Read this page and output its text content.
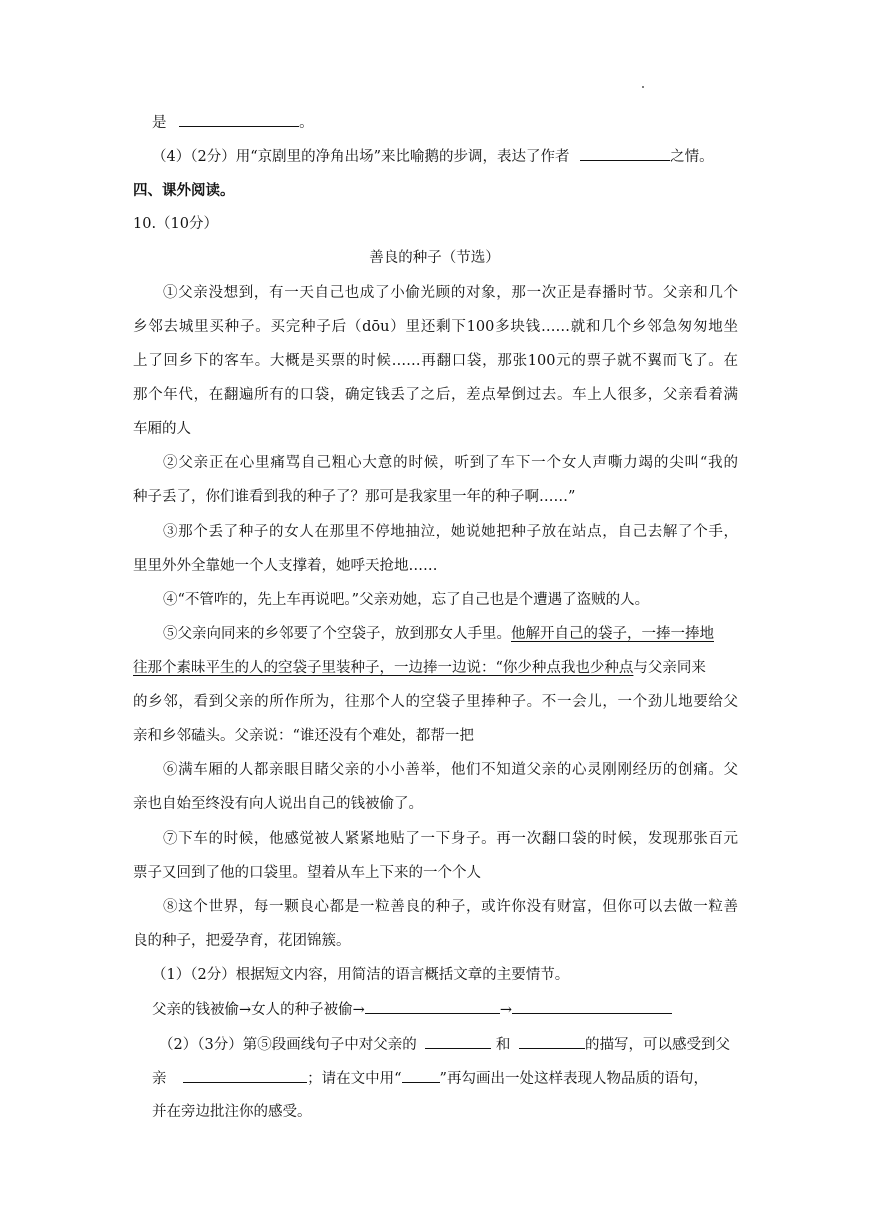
是	。
（4）（2分）用“京剧里的净角出场”来比喻鹅的步调，表达了作者	之情。
四、课外阅读。
10.（10分）
善良的种子（节选）
①父亲没想到，有一天自己也成了小偷光顾的对象，那一次正是春播时节。父亲和几个
乡邻去城里买种子。买完种子后（dōu）里还剩下100多块钱……就和几个乡邻急匆匆地坐
上了回乡下的客车。大概是买票的时候……再翻口袋，那张100元的票子就不翼而飞了。在
那个年代，在翻遍所有的口袋，确定钱丢了之后，差点晕倒过去。车上人很多，父亲看着满
车厢的人
②父亲正在心里痛骂自己粗心大意的时候，听到了车下一个女人声嘶力竭的尖叫“我的
种子丢了，你们谁看到我的种子了？那可是我家里一年的种子啊……”
③那个丢了种子的女人在那里不停地抽泣，她说她把种子放在站点，自己去解了个手，
里里外外全靠她一个人支撑着，她呼天抢地……
④“不管咋的，先上车再说吧。”父亲劝她，忘了自己也是个遭遇了盗贼的人。
⑤父亲向同来的乡邻要了个空袋子，放到那女人手里。他解开自己的袋子，一捧一捧地
往那个素昧平生的人的空袋子里装种子，一边捧一边说：“你少种点我也少种点与父亲同来
的乡邻，看到父亲的所作所为，往那个人的空袋子里捧种子。不一会儿，一个劲儿地要给父
亲和乡邻磕头。父亲说：“谁还没有个难处，都帮一把
⑥满车厢的人都亲眼目睹父亲的小小善举，他们不知道父亲的心灵刚刚经历的创痛。父
亲也自始至终没有向人说出自己的钱被偷了。
⑦下车的时候，他感觉被人紧紧地贴了一下身子。再一次翻口袋的时候，发现那张百元
票子又回到了他的口袋里。望着从车上下来的一个个人
⑧这个世界，每一颗良心都是一粒善良的种子，或许你没有财富，但你可以去做一粒善
良的种子，把爱孕育，花团锦簇。
（1）（2分）根据短文内容，用简洁的语言概括文章的主要情节。
父亲的钱被偷→女人的种子被偷→	→
（2）（3分）第⑤段画线句子中对父亲的	和	的描写，可以感受到父
亲	；请在文中用“	”再勾画出一处这样表现人物品质的语句，
并在旁边批注你的感受。
